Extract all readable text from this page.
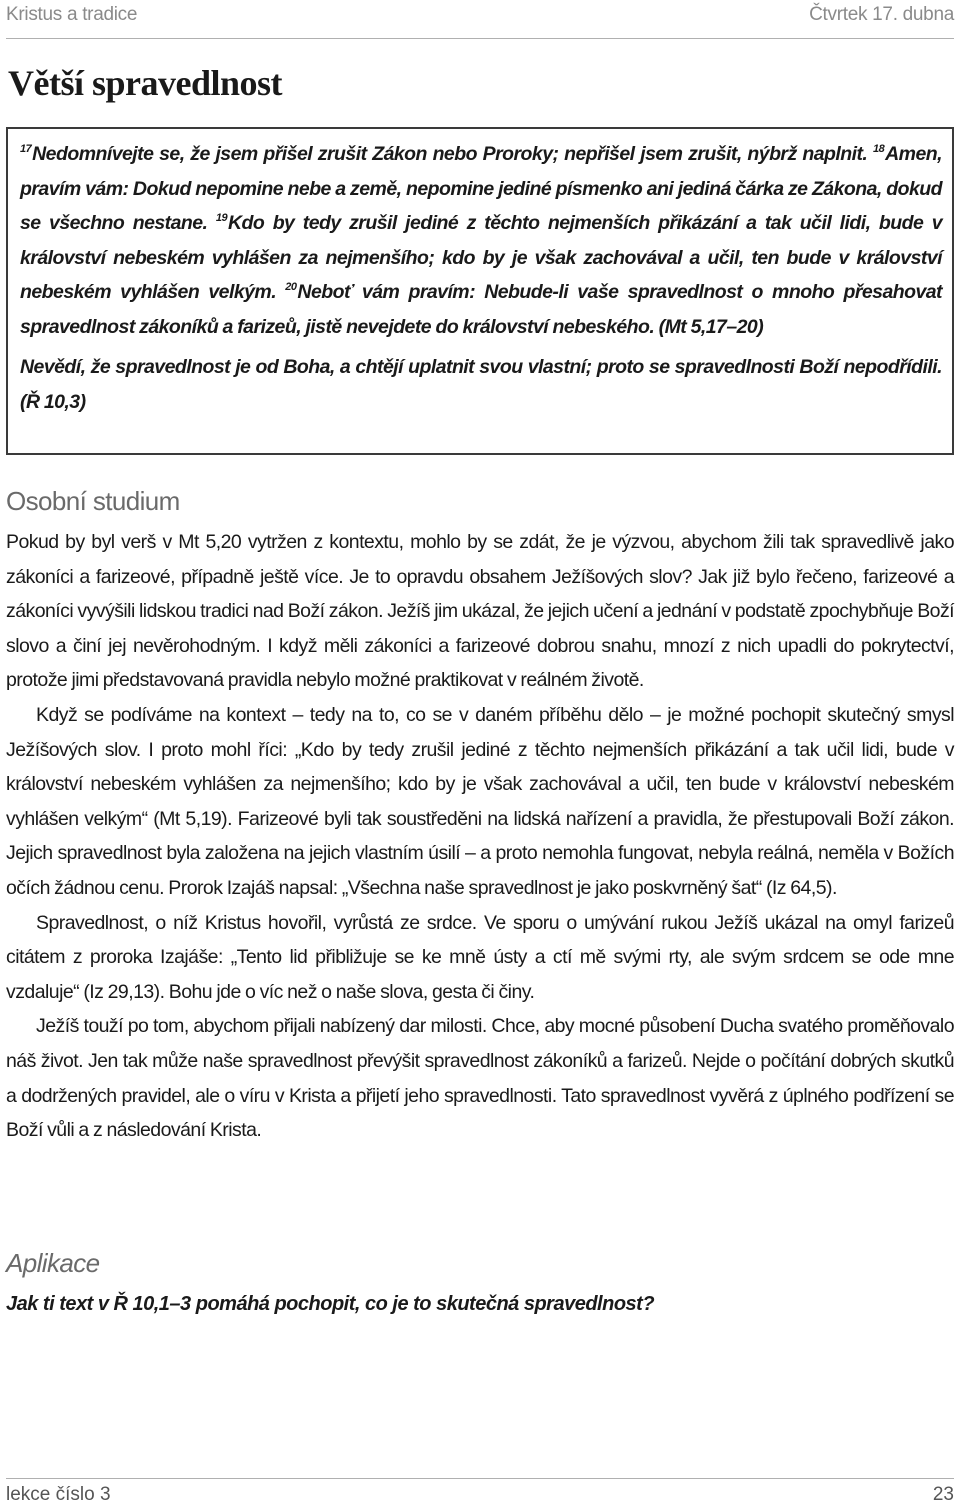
Kristus a tradice	Čtvrtek 17. dubna
Větší spravedlnost

$^{17}$Nedomnívejte se, že jsem přišel zrušit Zákon nebo Proroky; nepřišel jsem zrušit, nýbrž naplnit. $^{18}$Amen, pravím vám: Dokud nepomine nebe a země, nepomine jediné písmenko ani jediná čárka ze Zákona, dokud se všechno nestane. $^{19}$Kdo by tedy zrušil jediné z těchto nejmenších přikázání a tak učil lidi, bude v království nebeském vyhlášen za nejmenšího; kdo by je však zachovával a učil, ten bude v království nebeském vyhlášen velkým. $^{20}$Neboť vám pravím: Nebude-li vaše spravedlnost o mnoho přesahovat spravedlnost zákoníků a farizeů, jistě nevejdete do království nebeského. (Mt 5,17–20)

Nevědí, že spravedlnost je od Boha, a chtějí uplatnit svou vlastní; proto se spravedlnosti Boží nepodřídili. (Ř 10,3)

Osobní studium

Pokud by byl verš v Mt 5,20 vytržen z kontextu, mohlo by se zdát, že je výzvou, abychom žili tak spravedlivě jako zákoníci a farizeové, případně ještě více. Je to opravdu obsahem Ježíšových slov? Jak již bylo řečeno, farizeové a zákoníci vyvýšili lidskou tradici nad Boží zákon. Ježíš jim ukázal, že jejich učení a jednání v podstatě zpochybňuje Boží slovo a činí jej nevěrohodným. I když měli zákoníci a farizeové dobrou snahu, mnozí z nich upadli do pokrytectví, protože jimi představovaná pravidla nebylo možné praktikovat v reálném životě.

Když se podíváme na kontext – tedy na to, co se v daném příběhu dělo – je možné pochopit skutečný smysl Ježíšových slov. I proto mohl říci: „Kdo by tedy zrušil jediné z těchto nejmenších přikázání a tak učil lidi, bude v království nebeském vyhlášen za nejmenšího; kdo by je však zachovával a učil, ten bude v království nebeském vyhlášen velkým“ (Mt 5,19). Farizeové byli tak soustředěni na lidská nařízení a pravidla, že přestupovali Boží zákon. Jejich spravedlnost byla založena na jejich vlastním úsilí – a proto nemohla fungovat, nebyla reálná, neměla v Božích očích žádnou cenu. Prorok Izajáš napsal: „Všechna naše spravedlnost je jako poskvrněný šat“ (Iz 64,5).

Spravedlnost, o níž Kristus hovořil, vyrůstá ze srdce. Ve sporu o umývání rukou Ježíš ukázal na omyl farizeů citátem z proroka Izajáše: „Tento lid přibližuje se ke mně ústy a ctí mě svými rty, ale svým srdcem se ode mne vzdaluje“ (Iz 29,13). Bohu jde o víc než o naše slova, gesta či činy.

Ježíš touží po tom, abychom přijali nabízený dar milosti. Chce, aby mocné působení Ducha svatého proměňovalo náš život. Jen tak může naše spravedlnost převýšit spravedlnost zákoníků a farizeů. Nejde o počítání dobrých skutků a dodržených pravidel, ale o víru v Krista a přijetí jeho spravedlnosti. Tato spravedlnost vyvěrá z úplného podřízení se Boží vůli a z následování Krista.

Aplikace

Jak ti text v Ř 10,1–3 pomáhá pochopit, co je to skutečná spravedlnost?

lekce číslo 3	23
